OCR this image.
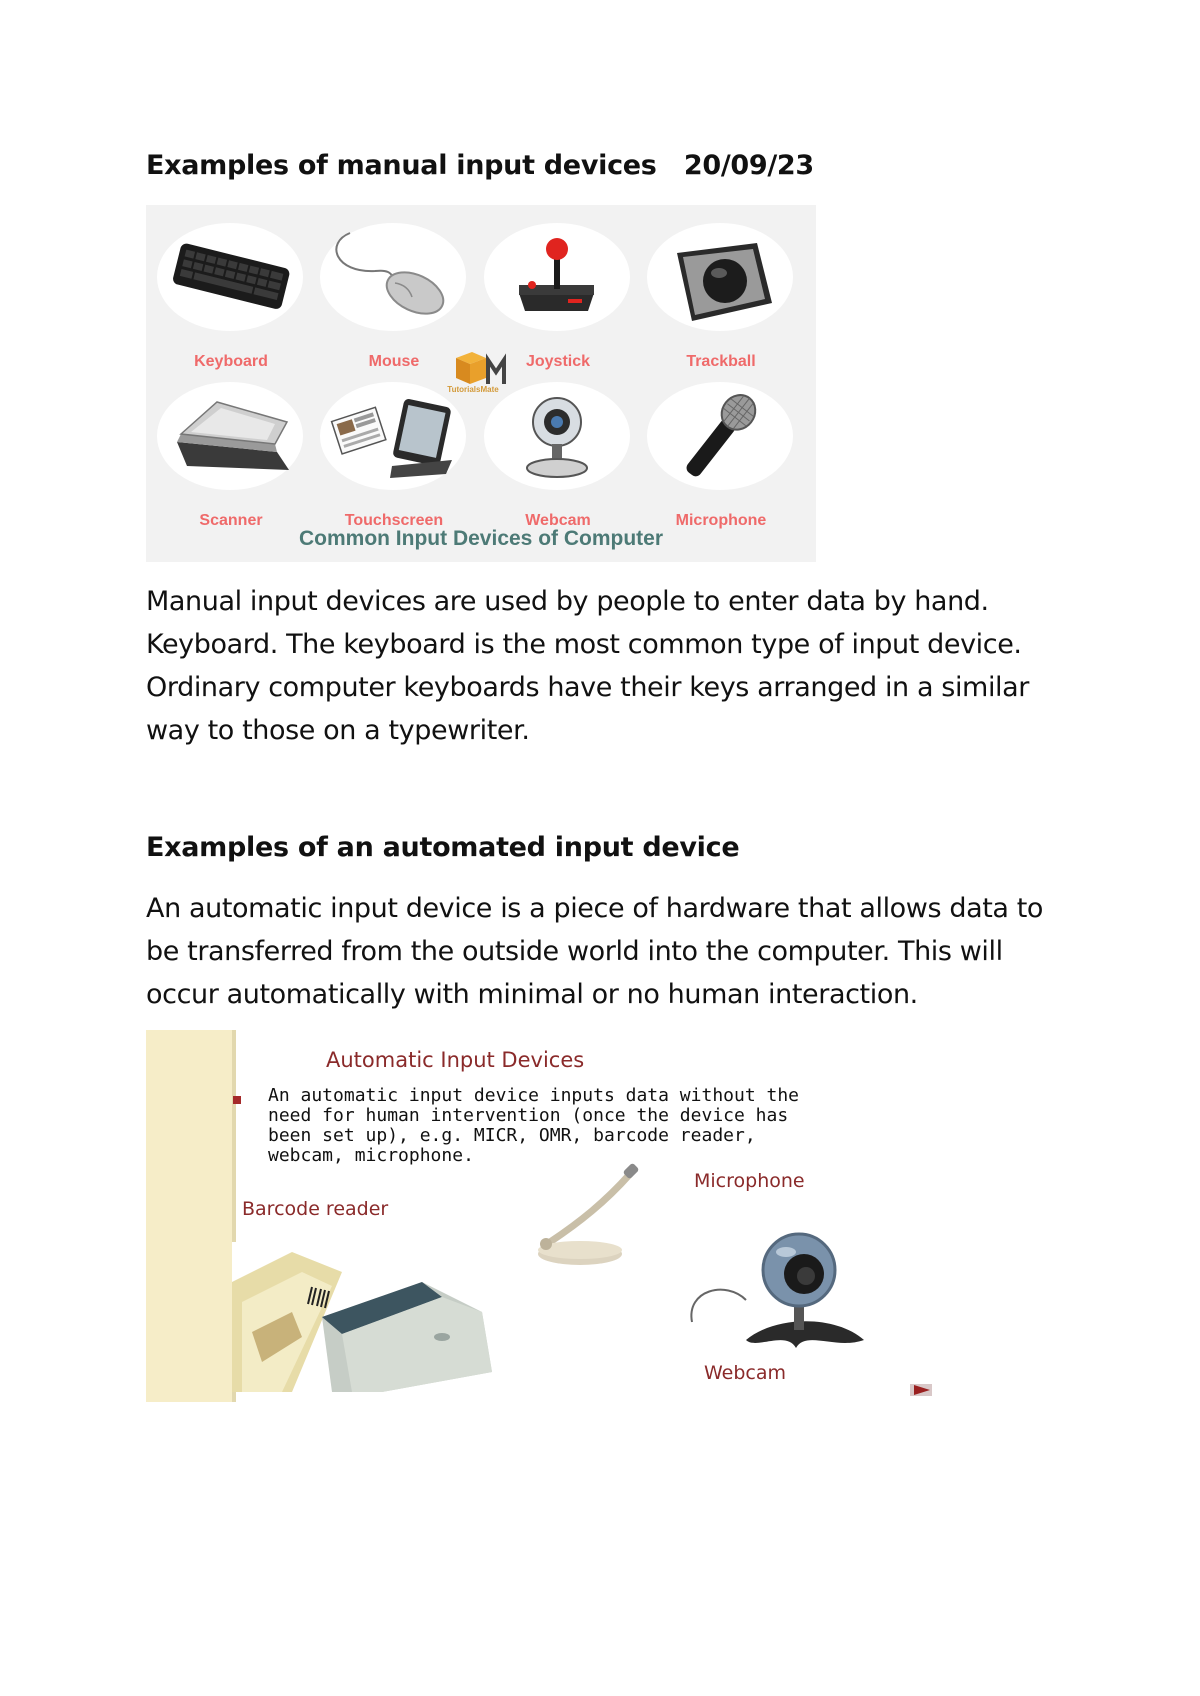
Examples of manual input devices   20/09/23
Keyboard	Mouse	Joystick	Trackball
TutorialsMate
Scanner	Touchscreen	Webcam	Microphone
Common Input Devices of Computer
Manual input devices are used by people to enter data by hand.
Keyboard. The keyboard is the most common type of input device.
Ordinary computer keyboards have their keys arranged in a similar
way to those on a typewriter.
Examples of an automated input device
An automatic input device is a piece of hardware that allows data to
be transferred from the outside world into the computer. This will
occur automatically with minimal or no human interaction.
Automatic Input Devices
An automatic input device inputs data without the
need for human intervention (once the device has
been set up), e.g. MICR, OMR, barcode reader,
webcam, microphone.
Barcode reader
Microphone
Webcam
